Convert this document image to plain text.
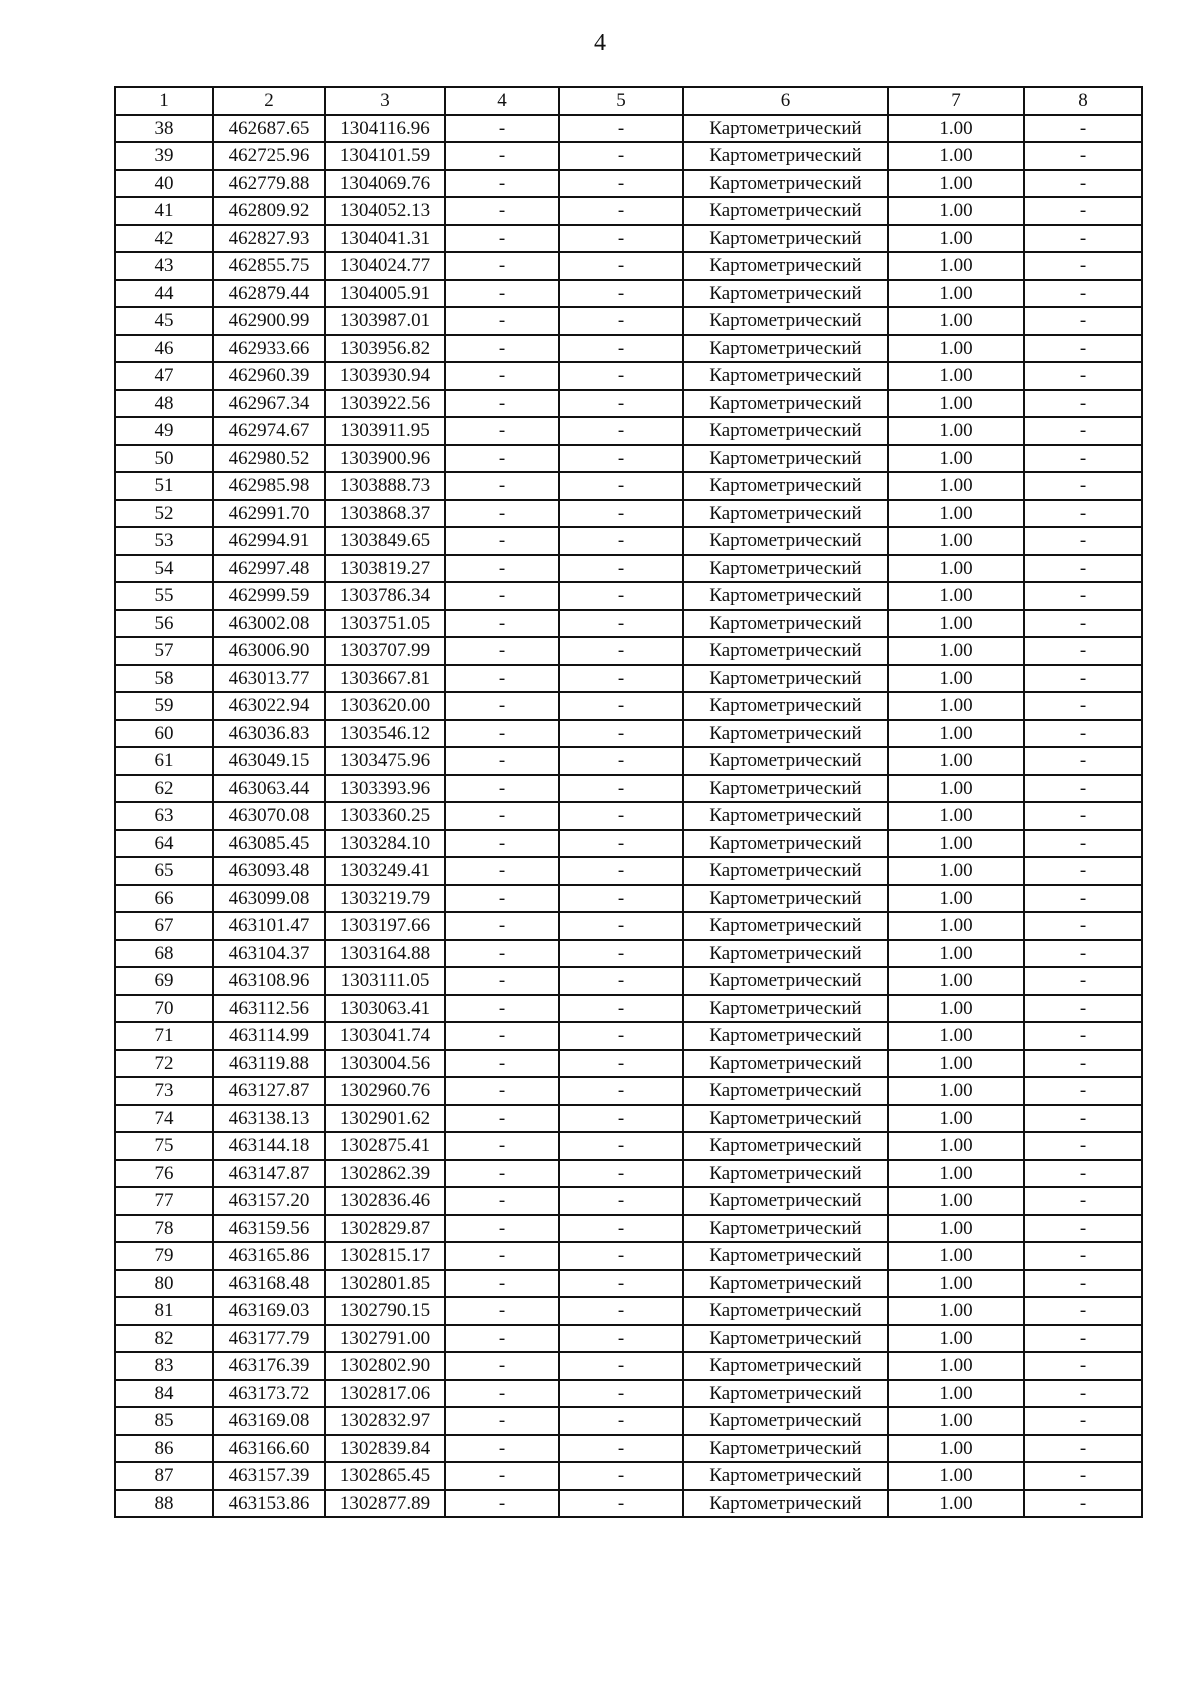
4
1	2	3	4	5	6	7	8
38	462687.65	1304116.96	-	-	Картометрический	1.00	-
39	462725.96	1304101.59	-	-	Картометрический	1.00	-
40	462779.88	1304069.76	-	-	Картометрический	1.00	-
41	462809.92	1304052.13	-	-	Картометрический	1.00	-
42	462827.93	1304041.31	-	-	Картометрический	1.00	-
43	462855.75	1304024.77	-	-	Картометрический	1.00	-
44	462879.44	1304005.91	-	-	Картометрический	1.00	-
45	462900.99	1303987.01	-	-	Картометрический	1.00	-
46	462933.66	1303956.82	-	-	Картометрический	1.00	-
47	462960.39	1303930.94	-	-	Картометрический	1.00	-
48	462967.34	1303922.56	-	-	Картометрический	1.00	-
49	462974.67	1303911.95	-	-	Картометрический	1.00	-
50	462980.52	1303900.96	-	-	Картометрический	1.00	-
51	462985.98	1303888.73	-	-	Картометрический	1.00	-
52	462991.70	1303868.37	-	-	Картометрический	1.00	-
53	462994.91	1303849.65	-	-	Картометрический	1.00	-
54	462997.48	1303819.27	-	-	Картометрический	1.00	-
55	462999.59	1303786.34	-	-	Картометрический	1.00	-
56	463002.08	1303751.05	-	-	Картометрический	1.00	-
57	463006.90	1303707.99	-	-	Картометрический	1.00	-
58	463013.77	1303667.81	-	-	Картометрический	1.00	-
59	463022.94	1303620.00	-	-	Картометрический	1.00	-
60	463036.83	1303546.12	-	-	Картометрический	1.00	-
61	463049.15	1303475.96	-	-	Картометрический	1.00	-
62	463063.44	1303393.96	-	-	Картометрический	1.00	-
63	463070.08	1303360.25	-	-	Картометрический	1.00	-
64	463085.45	1303284.10	-	-	Картометрический	1.00	-
65	463093.48	1303249.41	-	-	Картометрический	1.00	-
66	463099.08	1303219.79	-	-	Картометрический	1.00	-
67	463101.47	1303197.66	-	-	Картометрический	1.00	-
68	463104.37	1303164.88	-	-	Картометрический	1.00	-
69	463108.96	1303111.05	-	-	Картометрический	1.00	-
70	463112.56	1303063.41	-	-	Картометрический	1.00	-
71	463114.99	1303041.74	-	-	Картометрический	1.00	-
72	463119.88	1303004.56	-	-	Картометрический	1.00	-
73	463127.87	1302960.76	-	-	Картометрический	1.00	-
74	463138.13	1302901.62	-	-	Картометрический	1.00	-
75	463144.18	1302875.41	-	-	Картометрический	1.00	-
76	463147.87	1302862.39	-	-	Картометрический	1.00	-
77	463157.20	1302836.46	-	-	Картометрический	1.00	-
78	463159.56	1302829.87	-	-	Картометрический	1.00	-
79	463165.86	1302815.17	-	-	Картометрический	1.00	-
80	463168.48	1302801.85	-	-	Картометрический	1.00	-
81	463169.03	1302790.15	-	-	Картометрический	1.00	-
82	463177.79	1302791.00	-	-	Картометрический	1.00	-
83	463176.39	1302802.90	-	-	Картометрический	1.00	-
84	463173.72	1302817.06	-	-	Картометрический	1.00	-
85	463169.08	1302832.97	-	-	Картометрический	1.00	-
86	463166.60	1302839.84	-	-	Картометрический	1.00	-
87	463157.39	1302865.45	-	-	Картометрический	1.00	-
88	463153.86	1302877.89	-	-	Картометрический	1.00	-
